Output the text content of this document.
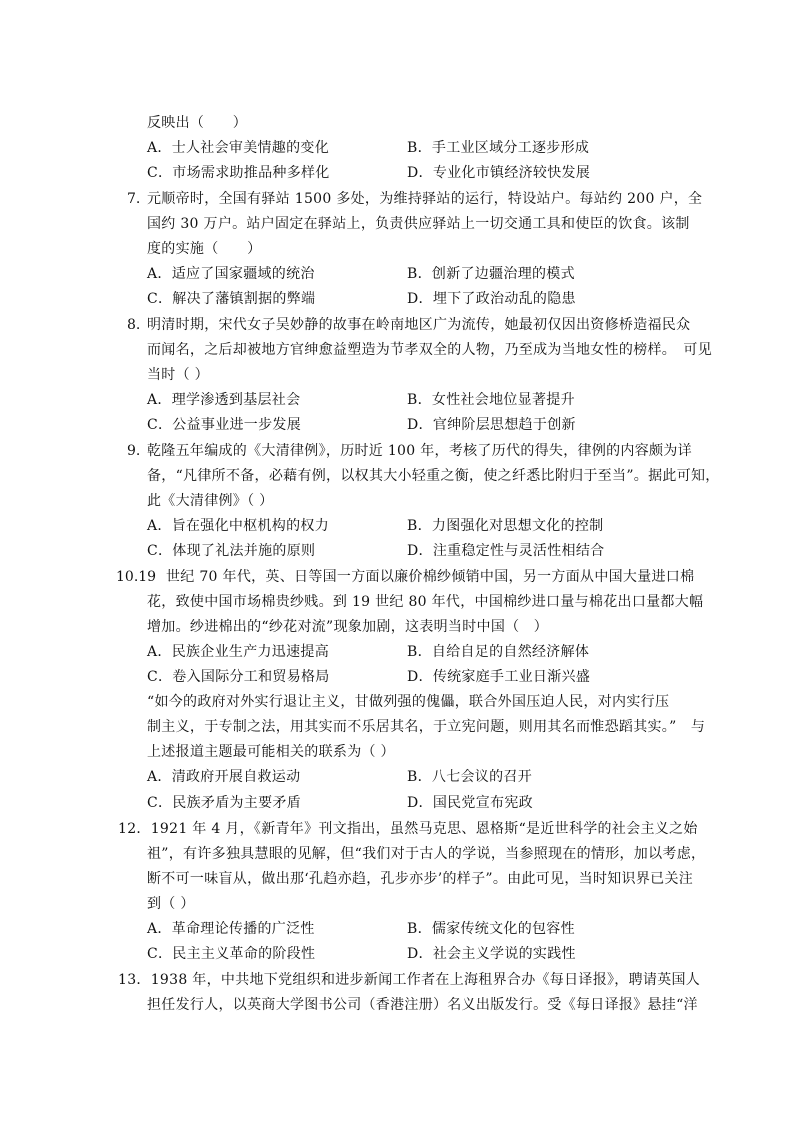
反映出（　　）
A．士人社会审美情趣的变化	B．手工业区域分工逐步形成
C．市场需求助推品种多样化	D．专业化市镇经济较快发展
7. 元顺帝时，全国有驿站 1500 多处，为维持驿站的运行，特设站户。每站约 200 户，全
国约 30 万户。站户固定在驿站上，负责供应驿站上一切交通工具和使臣的饮食。该制
度的实施（　　）
A．适应了国家疆域的统治	B．创新了边疆治理的模式
C．解决了藩镇割据的弊端	D．埋下了政治动乱的隐患
8. 明清时期，宋代女子吴妙静的故事在岭南地区广为流传，她最初仅因出资修桥造福民众
而闻名，之后却被地方官绅愈益塑造为节孝双全的人物，乃至成为当地女性的榜样。　可见
当时（ ）
A．理学渗透到基层社会	B．女性社会地位显著提升
C．公益事业进一步发展	D．官绅阶层思想趋于创新
9. 乾隆五年编成的《大清律例》，历时近 100 年，考核了历代的得失，律例的内容颇为详
备，“凡律所不备，必藉有例，以权其大小轻重之衡，使之纤悉比附归于至当”。据此可知，
此《大清律例》（ ）
A．旨在强化中枢机构的权力	B．力图强化对思想文化的控制
C．体现了礼法并施的原则	D．注重稳定性与灵活性相结合
10.19 世纪 70 年代，英、日等国一方面以廉价棉纱倾销中国，另一方面从中国大量进口棉
花，致使中国市场棉贵纱贱。到 19 世纪 80 年代，中国棉纱进口量与棉花出口量都大幅
增加。纱进棉出的“纱花对流”现象加剧，这表明当时中国（　）
A．民族企业生产力迅速提高	B．自给自足的自然经济解体
C．卷入国际分工和贸易格局	D．传统家庭手工业日渐兴盛
“如今的政府对外实行退让主义，甘做列强的傀儡，联合外国压迫人民，对内实行压
制主义，于专制之法，用其实而不乐居其名，于立宪问题，则用其名而惟恐蹈其实。”　与
上述报道主题最可能相关的联系为（ ）
A．清政府开展自救运动	B．八七会议的召开
C．民族矛盾为主要矛盾	D．国民党宣布宪政
12．1921 年 4 月，《新青年》刊文指出，虽然马克思、恩格斯“是近世科学的社会主义之始
祖”，有许多独具慧眼的见解，但“我们对于古人的学说，当参照现在的情形，加以考虑，
断不可一味盲从，做出那‘孔趋亦趋，孔步亦步’的样子”。由此可见，当时知识界已关注
到（ ）
A．革命理论传播的广泛性	B．儒家传统文化的包容性
C．民主主义革命的阶段性	D．社会主义学说的实践性
13．1938 年，中共地下党组织和进步新闻工作者在上海租界合办《每日译报》，聘请英国人
担任发行人，以英商大学图书公司（香港注册）名义出版发行。受《每日译报》悬挂“洋
